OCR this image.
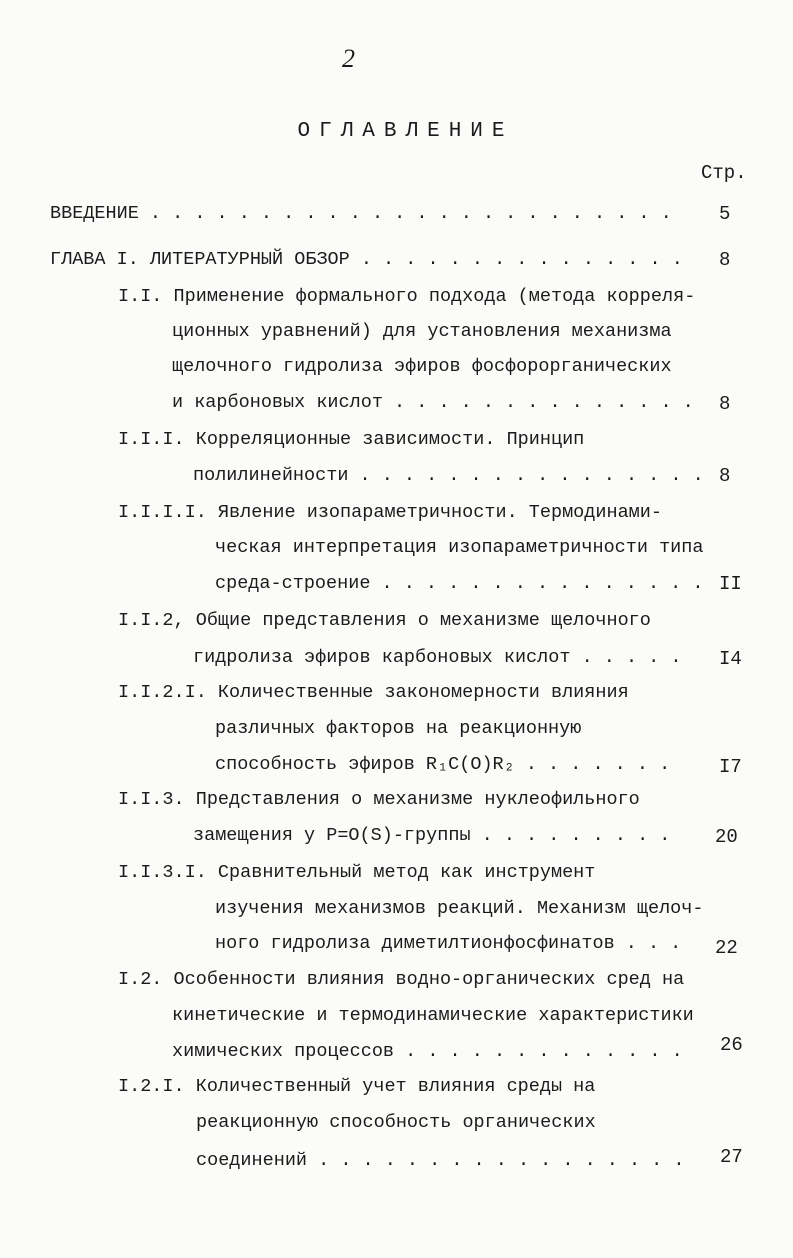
2
ОГЛАВЛЕНИЕ
Стр.
ВВЕДЕНИЕ . . . . . . . . . . . . . . . . . . . . . . . . 5
ГЛАВА I. ЛИТЕРАТУРНЫЙ ОБЗОР . . . . . . . . . . . . . . . 8
I.I. Применение формального подхода (метода корреля-
ционных уравнений) для установления механизма
щелочного гидролиза эфиров фосфорорганических
и карбоновых кислот . . . . . . . . . . . . . . 8
I.I.I. Корреляционные зависимости. Принцип
полилинейности . . . . . . . . . . . . . . . . 8
I.I.I.I. Явление изопараметричности. Термодинами-
ческая интерпретация изопараметричности типа
среда-строение . . . . . . . . . . . . . . . II
I.I.2, Общие представления о механизме щелочного
гидролиза эфиров карбоновых кислот . . . . . I4
I.I.2.I. Количественные закономерности влияния
различных факторов на реакционную
способность эфиров R₁C(O)R₂ . . . . . . .	I7
I.I.3. Представления о механизме нуклеофильного
замещения у P=O(S)-группы . . . . . . . . . 20
I.I.3.I. Сравнительный метод как инструмент
изучения механизмов реакций. Механизм щелоч-
ного гидролиза диметилтионфосфинатов . . . 22
I.2. Особенности влияния водно-органических сред на
кинетические и термодинамические характеристики
химических процессов . . . . . . . . . . . . . 26
I.2.I. Количественный учет влияния среды на
реакционную способность органических
соединений . . . . . . . . . . . . . . . . . 27
